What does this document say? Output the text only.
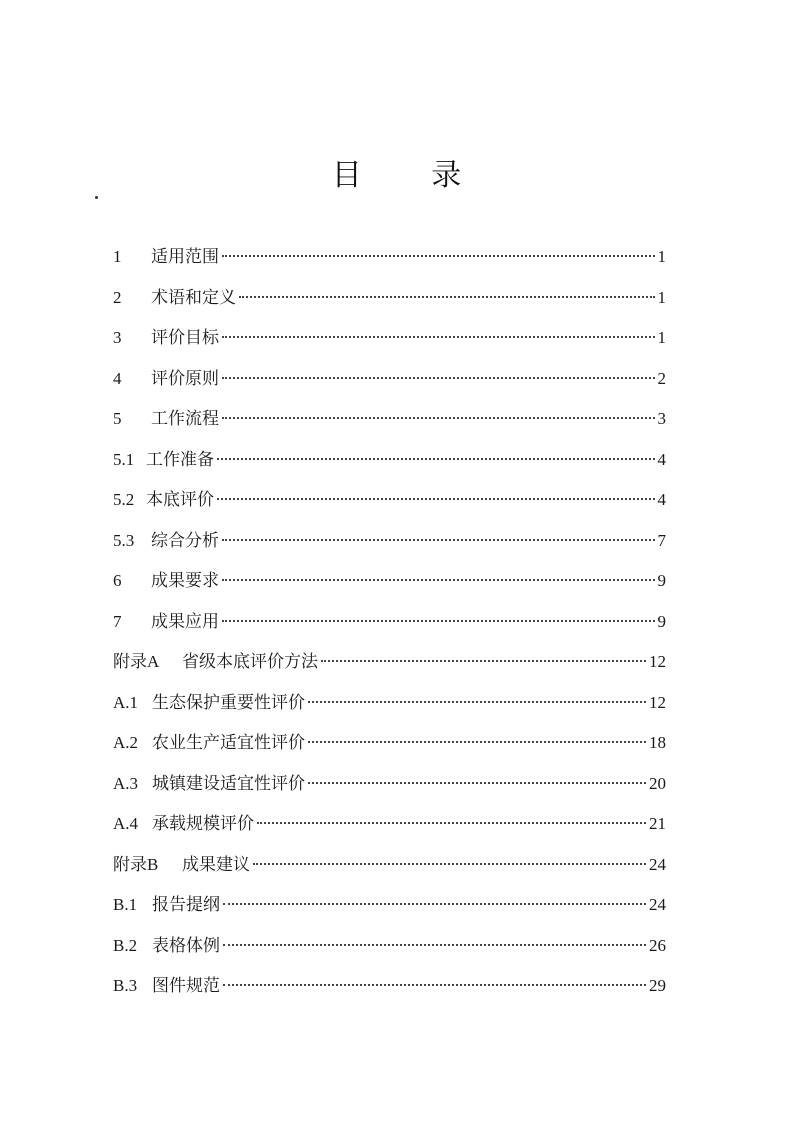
目 录
1	适用范围	1
2	术语和定义	1
3	评价目标	1
4	评价原则	2
5	工作流程	3
5.1 工作准备	4
5.2 本底评价	4
5.3 综合分析	7
6	成果要求	9
7	成果应用	9
附录A	省级本底评价方法	12
A.1 生态保护重要性评价	12
A.2 农业生产适宜性评价	18
A.3 城镇建设适宜性评价	20
A.4 承载规模评价	21
附录B	成果建议	24
B.1 报告提纲	24
B.2 表格体例	26
B.3 图件规范	29
